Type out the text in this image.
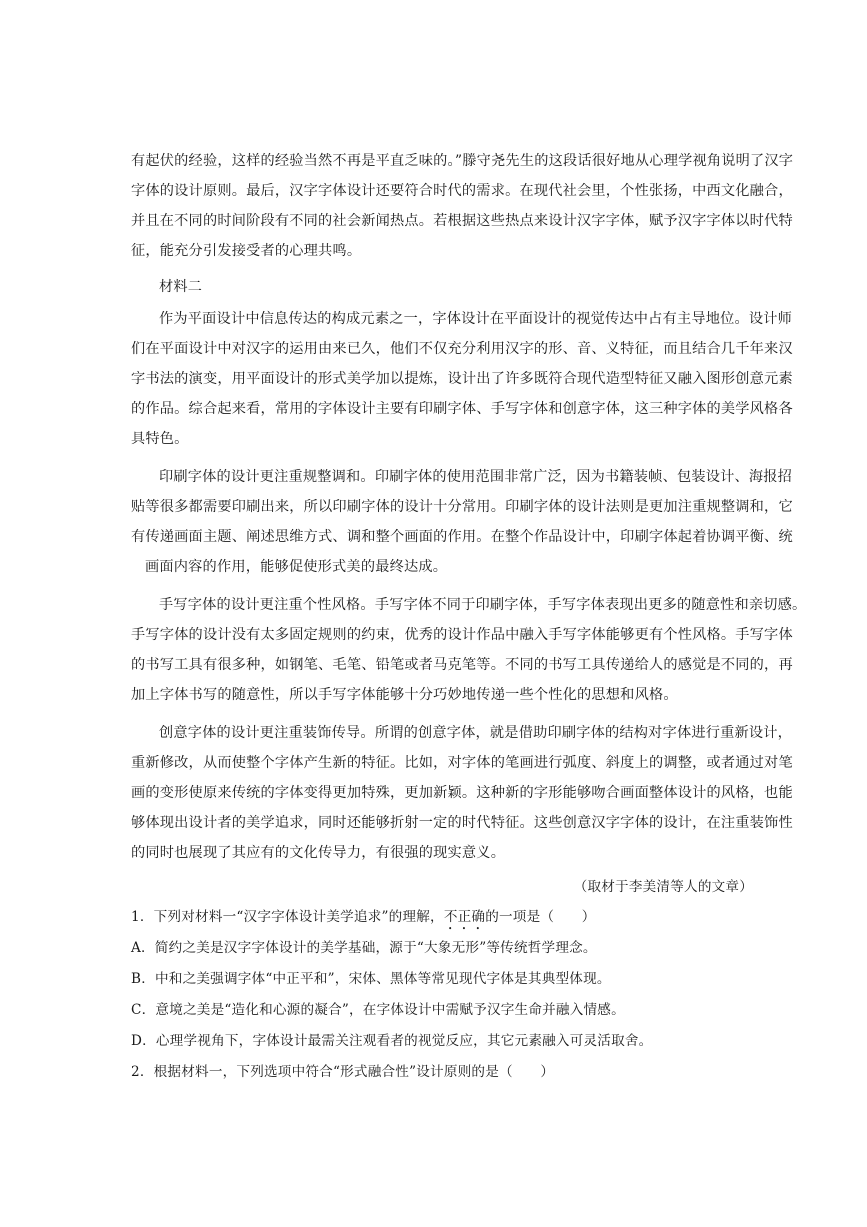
有起伏的经验，这样的经验当然不再是平直乏味的。”滕守尧先生的这段话很好地从心理学视角说明了汉字
字体的设计原则。最后，汉字字体设计还要符合时代的需求。在现代社会里，个性张扬，中西文化融合，
并且在不同的时间阶段有不同的社会新闻热点。若根据这些热点来设计汉字字体，赋予汉字字体以时代特
征，能充分引发接受者的心理共鸣。
材料二
作为平面设计中信息传达的构成元素之一，字体设计在平面设计的视觉传达中占有主导地位。设计师
们在平面设计中对汉字的运用由来已久，他们不仅充分利用汉字的形、音、义特征，而且结合几千年来汉
字书法的演变，用平面设计的形式美学加以提炼，设计出了许多既符合现代造型特征又融入图形创意元素
的作品。综合起来看，常用的字体设计主要有印刷字体、手写字体和创意字体，这三种字体的美学风格各
具特色。
印刷字体的设计更注重规整调和。印刷字体的使用范围非常广泛，因为书籍装帧、包装设计、海报招
贴等很多都需要印刷出来，所以印刷字体的设计十分常用。印刷字体的设计法则是更加注重规整调和，它
有传递画面主题、阐述思维方式、调和整个画面的作用。在整个作品设计中，印刷字体起着协调平衡、统
画面内容的作用，能够促使形式美的最终达成。
手写字体的设计更注重个性风格。手写字体不同于印刷字体，手写字体表现出更多的随意性和亲切感。
手写字体的设计没有太多固定规则的约束，优秀的设计作品中融入手写字体能够更有个性风格。手写字体
的书写工具有很多种，如钢笔、毛笔、铅笔或者马克笔等。不同的书写工具传递给人的感觉是不同的，再
加上字体书写的随意性，所以手写字体能够十分巧妙地传递一些个性化的思想和风格。
创意字体的设计更注重装饰传导。所谓的创意字体，就是借助印刷字体的结构对字体进行重新设计，
重新修改，从而使整个字体产生新的特征。比如，对字体的笔画进行弧度、斜度上的调整，或者通过对笔
画的变形使原来传统的字体变得更加特殊，更加新颖。这种新的字形能够吻合画面整体设计的风格，也能
够体现出设计者的美学追求，同时还能够折射一定的时代特征。这些创意汉字字体的设计，在注重装饰性
的同时也展现了其应有的文化传导力，有很强的现实意义。
（取材于李美清等人的文章）
1．下列对材料一“汉字字体设计美学追求”的理解，不正确的一项是（　　）
A．简约之美是汉字字体设计的美学基础，源于“大象无形”等传统哲学理念。
B．中和之美强调字体“中正平和”，宋体、黑体等常见现代字体是其典型体现。
C．意境之美是“造化和心源的凝合”，在字体设计中需赋予汉字生命并融入情感。
D．心理学视角下，字体设计最需关注观看者的视觉反应，其它元素融入可灵活取舍。
2．根据材料一，下列选项中符合“形式融合性”设计原则的是（　　）
